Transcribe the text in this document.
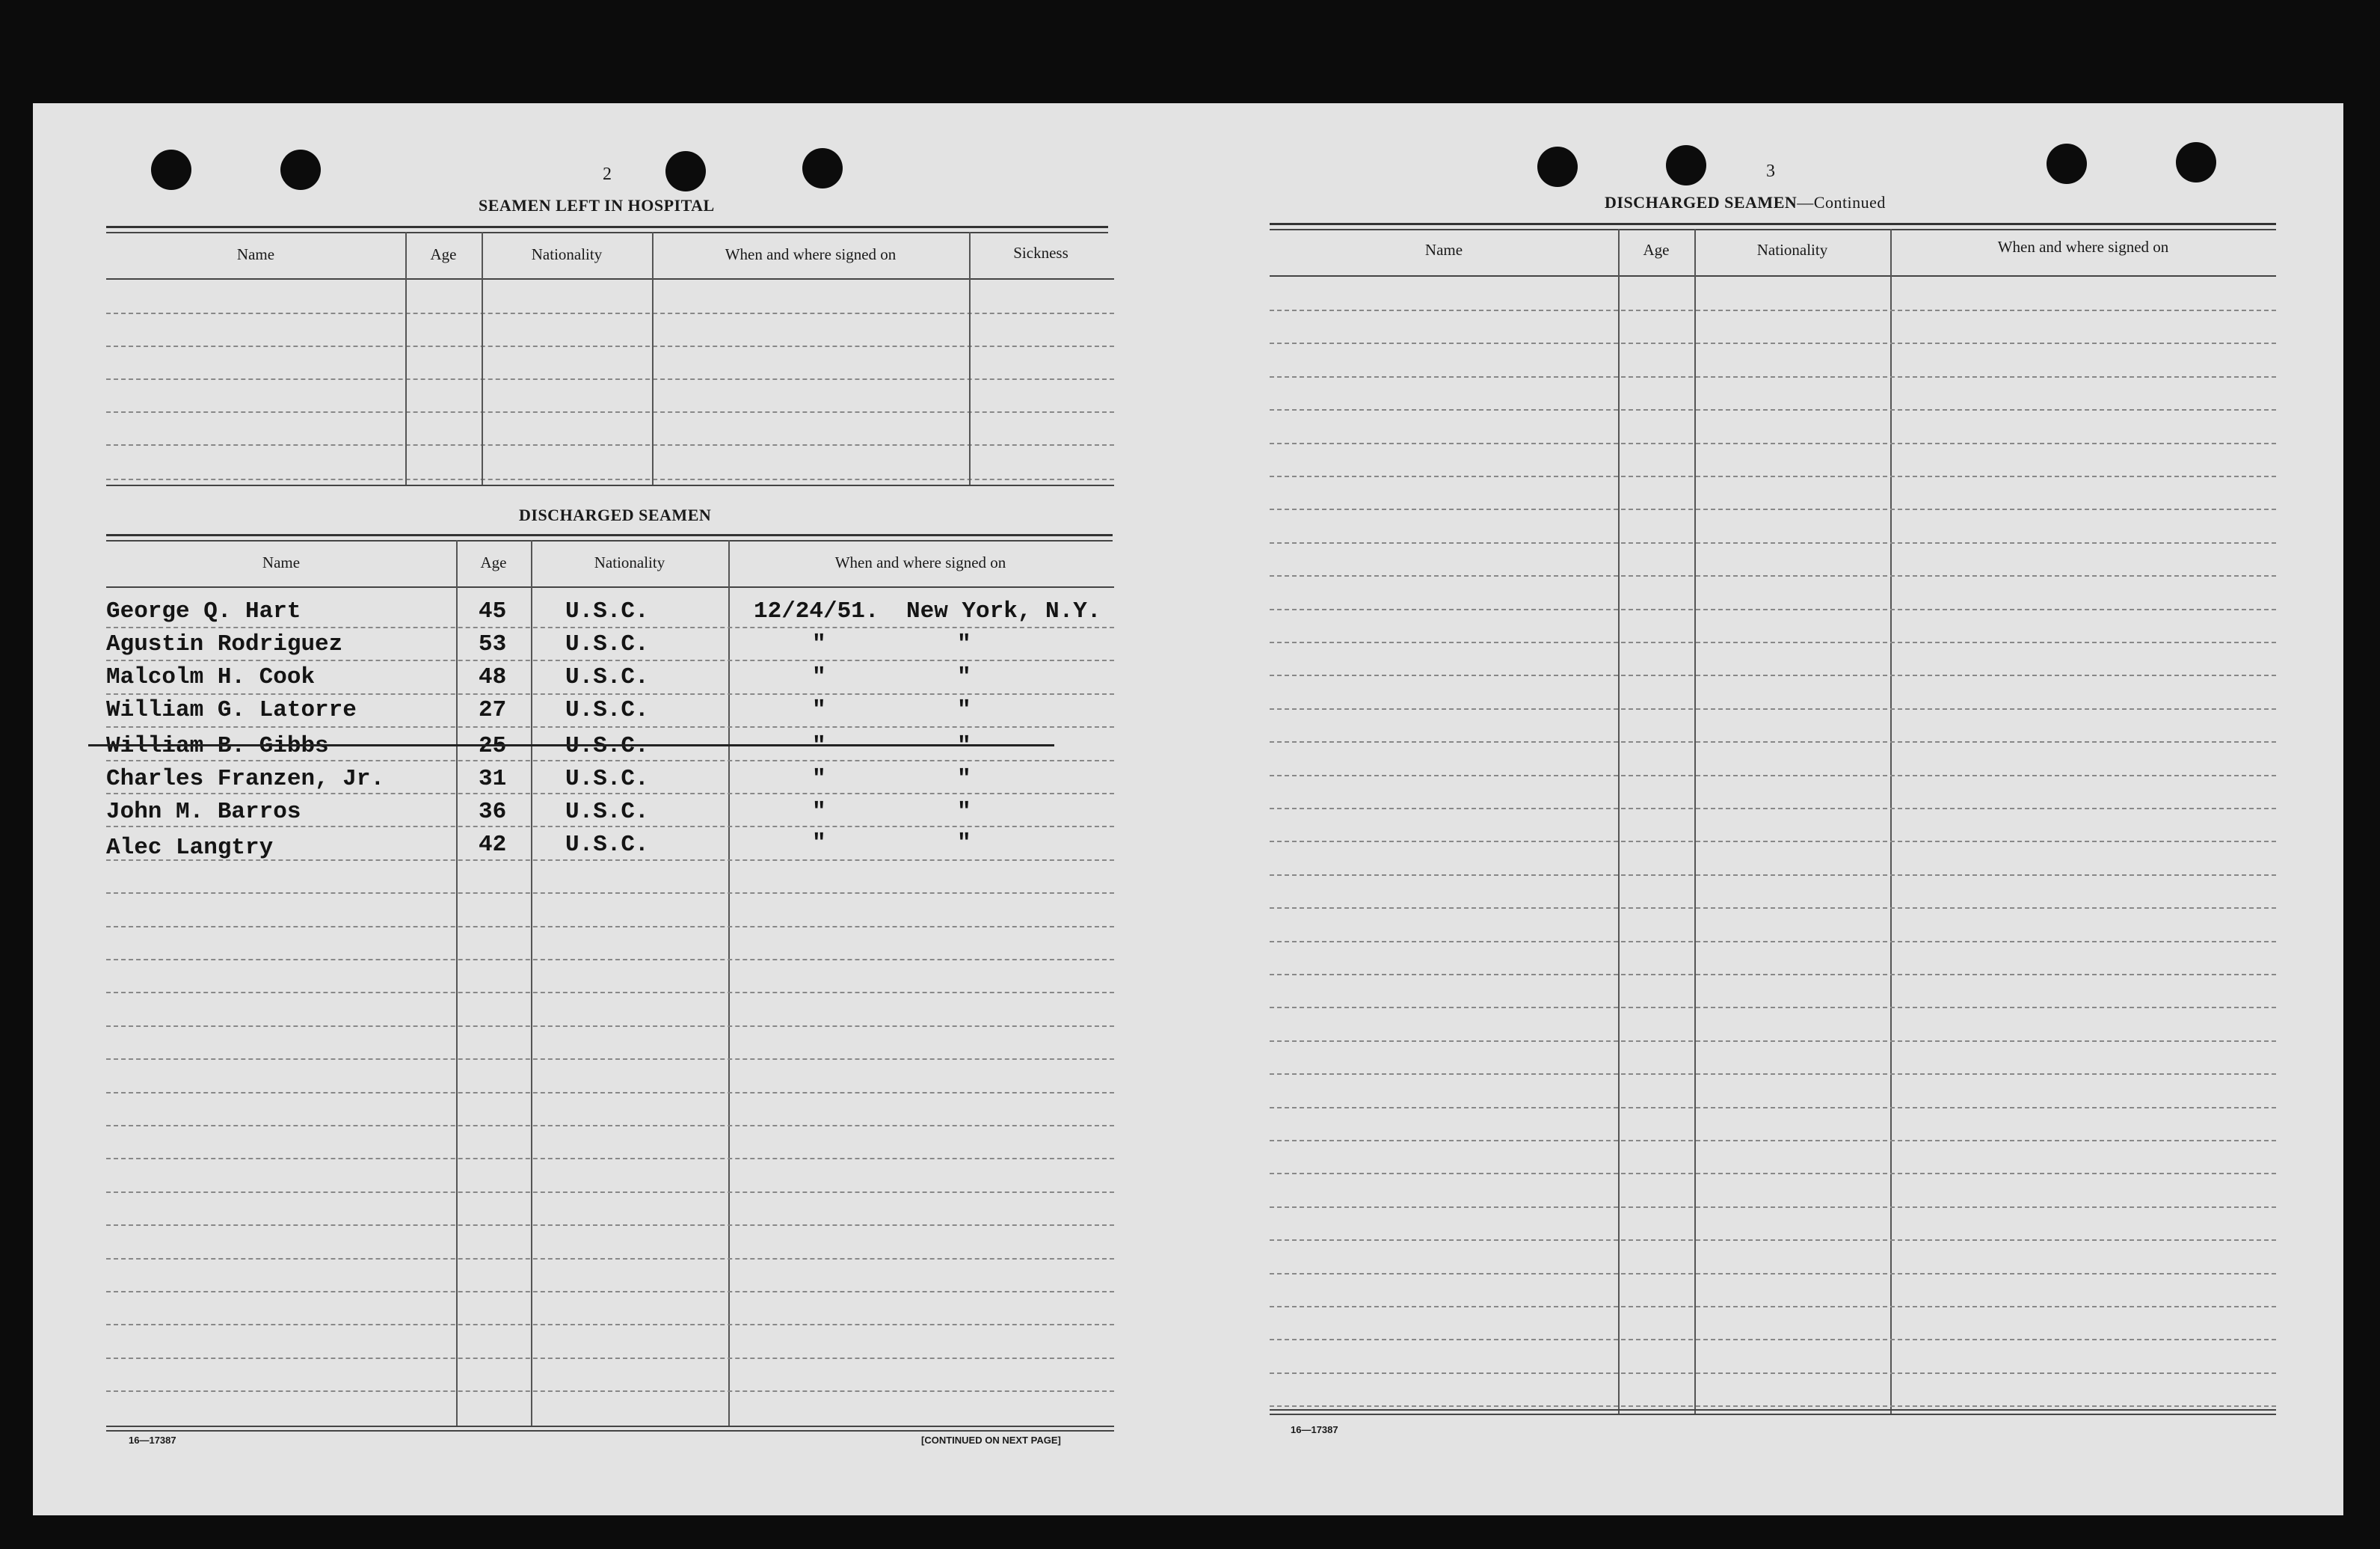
2
SEAMEN LEFT IN HOSPITAL
Name	Age	Nationality	When and where signed on	Sickness
DISCHARGED SEAMEN
Name	Age	Nationality	When and where signed on
George Q. Hart	45	U.S.C.	12/24/51. New York, N.Y.
Agustin Rodriguez	53	U.S.C.	"	"
Malcolm H. Cook	48	U.S.C.	"	"
William G. Latorre	27	U.S.C.	"	"
William B. Gibbs	25	U.S.C.	"	"
Charles Franzen, Jr.	31	U.S.C.	"	"
John M. Barros	36	U.S.C.	"	"
Alec Langtry	42	U.S.C.	"	"
16—17387	[CONTINUED ON NEXT PAGE]
3
DISCHARGED SEAMEN—Continued
Name	Age	Nationality	When and where signed on
16—17387
